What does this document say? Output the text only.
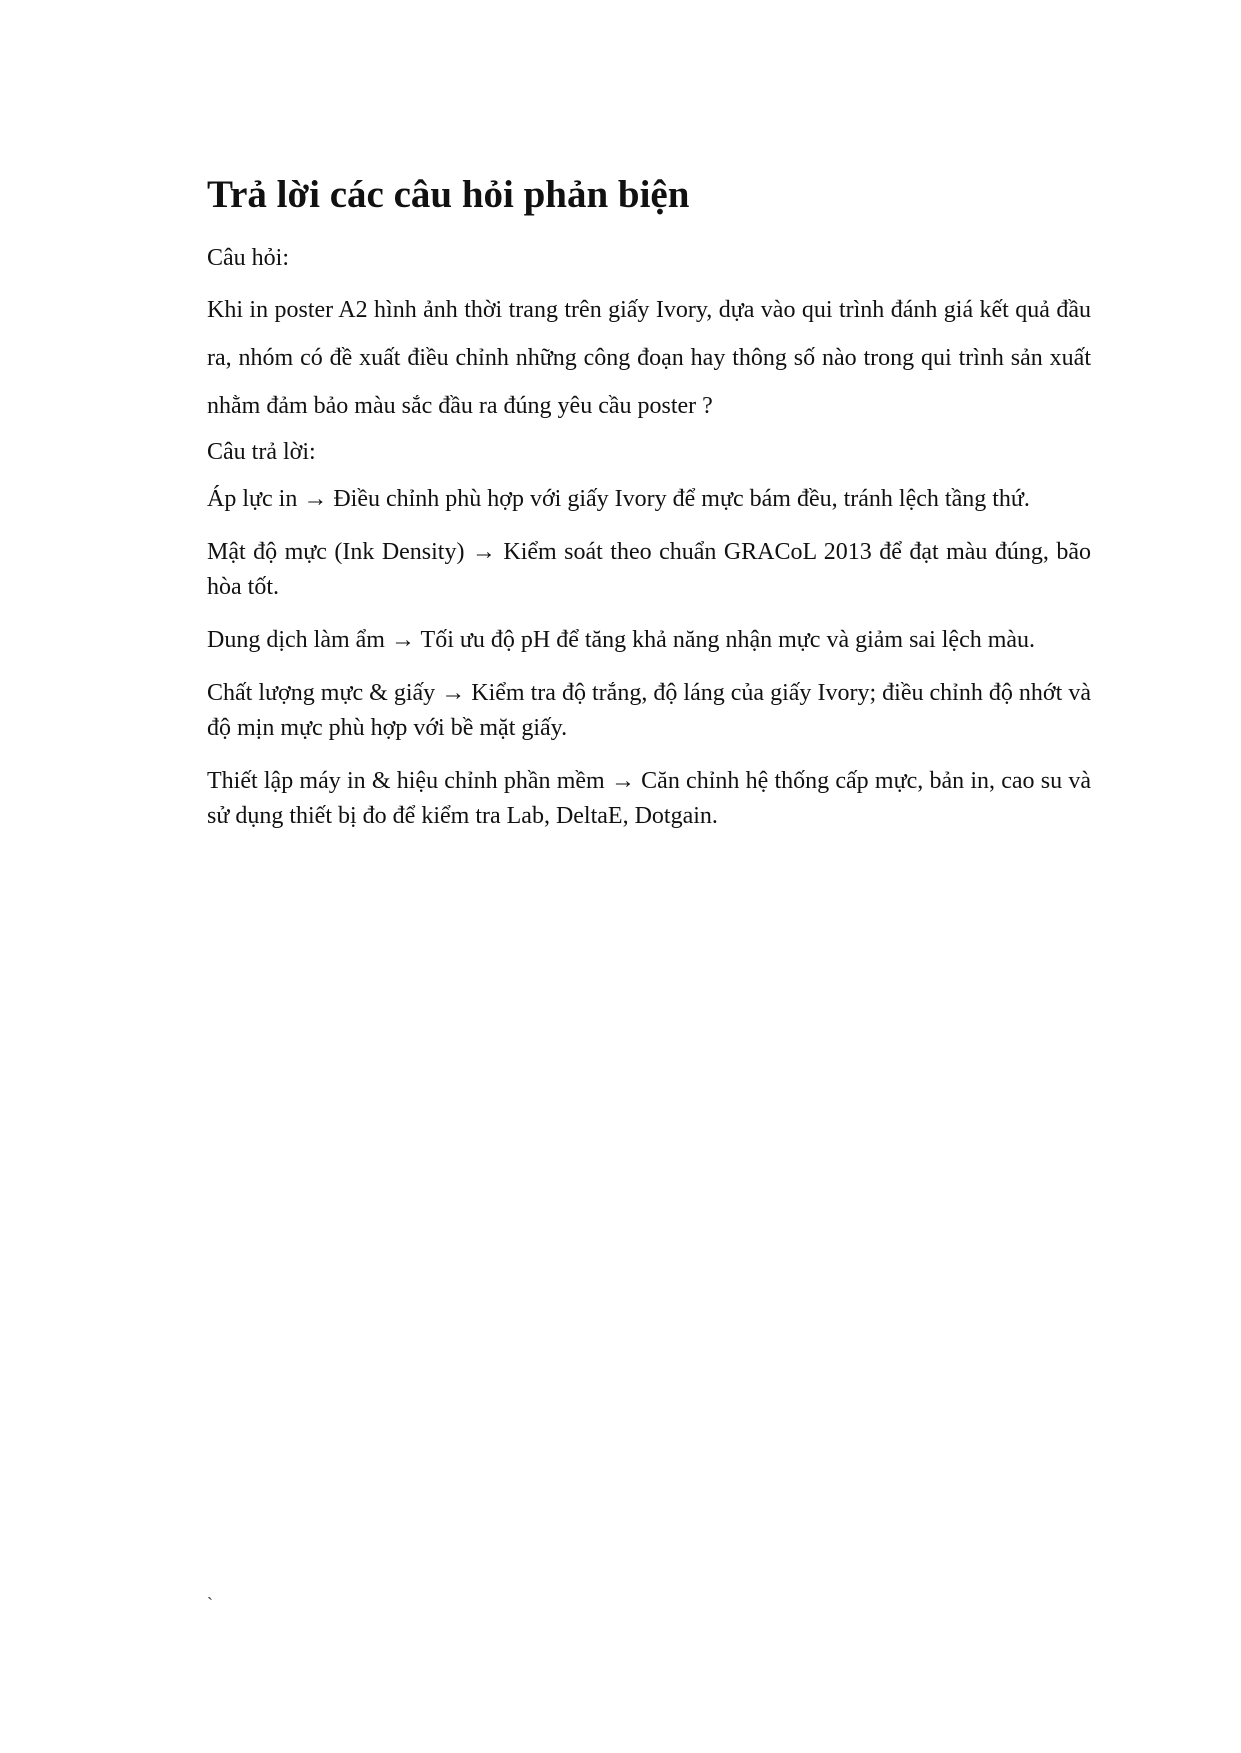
Trả lời các câu hỏi phản biện

Câu hỏi:

Khi in poster A2 hình ảnh thời trang trên giấy Ivory, dựa vào qui trình đánh giá kết quả đầu ra, nhóm có đề xuất điều chỉnh những công đoạn hay thông số nào trong qui trình sản xuất nhằm đảm bảo màu sắc đầu ra đúng yêu cầu poster ?

Câu trả lời:

Áp lực in → Điều chỉnh phù hợp với giấy Ivory để mực bám đều, tránh lệch tầng thứ.

Mật độ mực (Ink Density) → Kiểm soát theo chuẩn GRACoL 2013 để đạt màu đúng, bão hòa tốt.

Dung dịch làm ẩm → Tối ưu độ pH để tăng khả năng nhận mực và giảm sai lệch màu.

Chất lượng mực & giấy → Kiểm tra độ trắng, độ láng của giấy Ivory; điều chỉnh độ nhớt và độ mịn mực phù hợp với bề mặt giấy.

Thiết lập máy in & hiệu chỉnh phần mềm → Căn chỉnh hệ thống cấp mực, bản in, cao su và sử dụng thiết bị đo để kiểm tra Lab, DeltaE, Dotgain.

`
